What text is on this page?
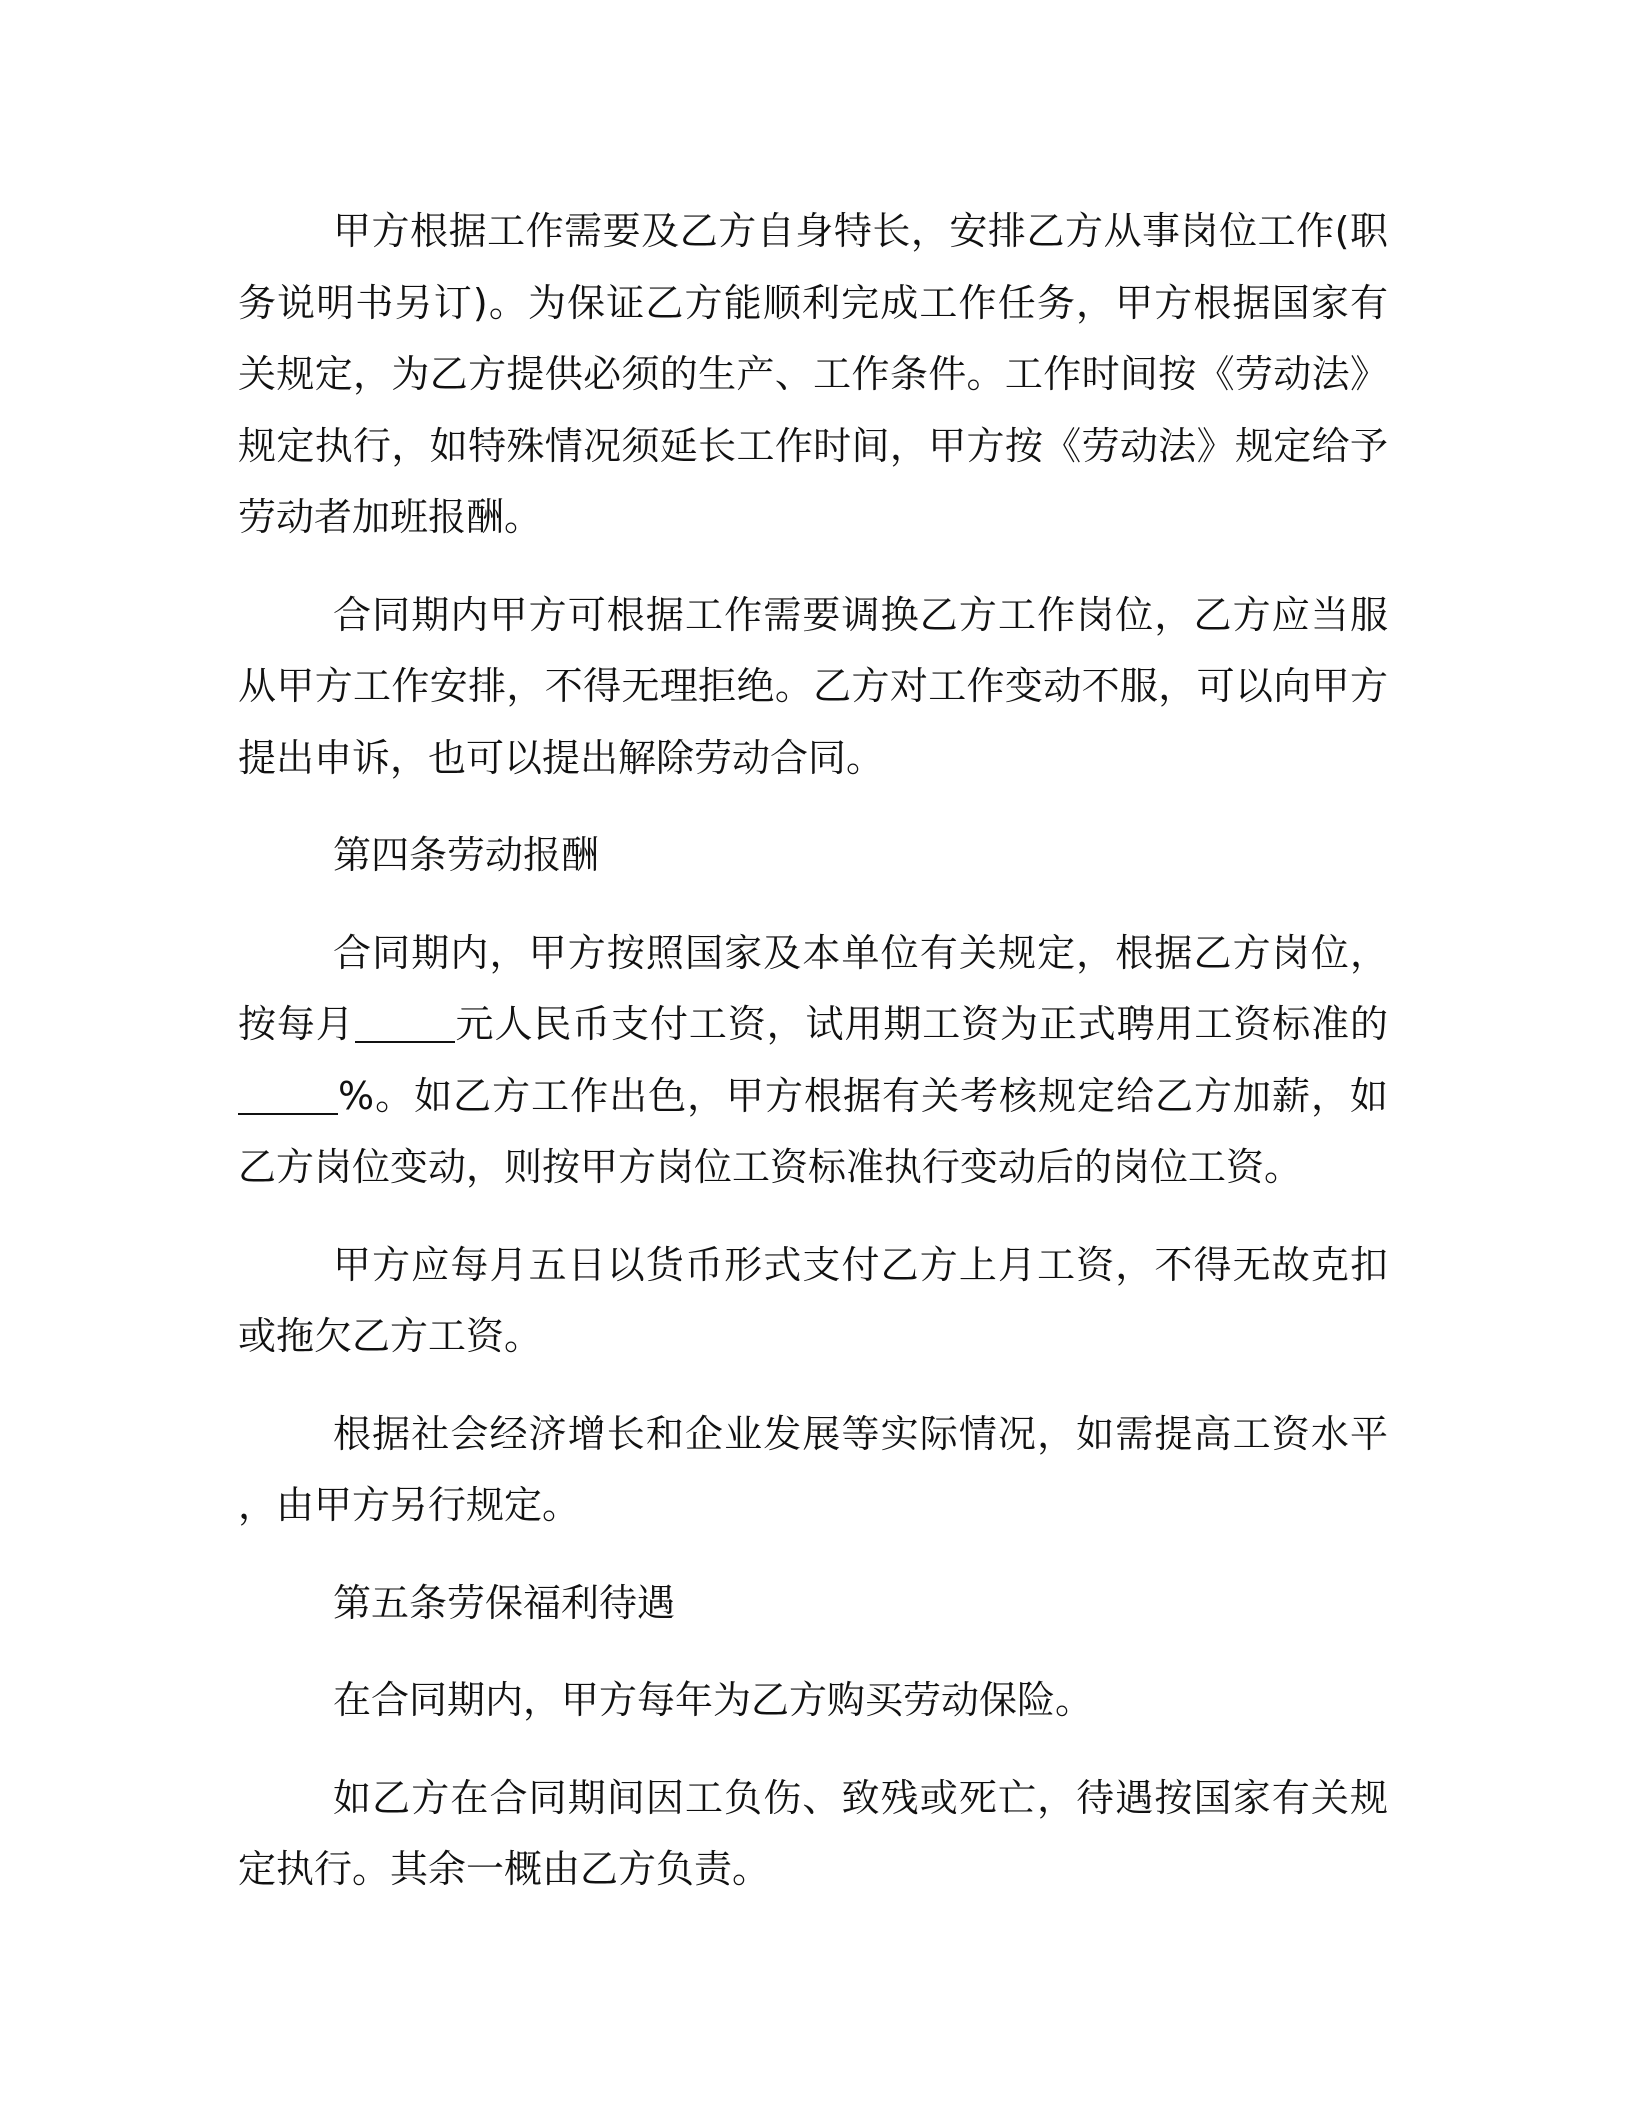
甲方根据工作需要及乙方自身特长，安排乙方从事岗位工作(职务说明书另订)。为保证乙方能顺利完成工作任务，甲方根据国家有关规定，为乙方提供必须的生产、工作条件。工作时间按《劳动法》规定执行，如特殊情况须延长工作时间，甲方按《劳动法》规定给予劳动者加班报酬。

合同期内甲方可根据工作需要调换乙方工作岗位，乙方应当服从甲方工作安排，不得无理拒绝。乙方对工作变动不服，可以向甲方提出申诉，也可以提出解除劳动合同。

第四条劳动报酬

合同期内，甲方按照国家及本单位有关规定，根据乙方岗位，按每月	元人民币支付工资，试用期工资为正式聘用工资标准的%。如乙方工作出色，甲方根据有关考核规定给乙方加薪，如乙方岗位变动，则按甲方岗位工资标准执行变动后的岗位工资。

甲方应每月五日以货币形式支付乙方上月工资，不得无故克扣或拖欠乙方工资。

根据社会经济增长和企业发展等实际情况，如需提高工资水平，由甲方另行规定。

第五条劳保福利待遇

在合同期内，甲方每年为乙方购买劳动保险。

如乙方在合同期间因工负伤、致残或死亡，待遇按国家有关规定执行。其余一概由乙方负责。
